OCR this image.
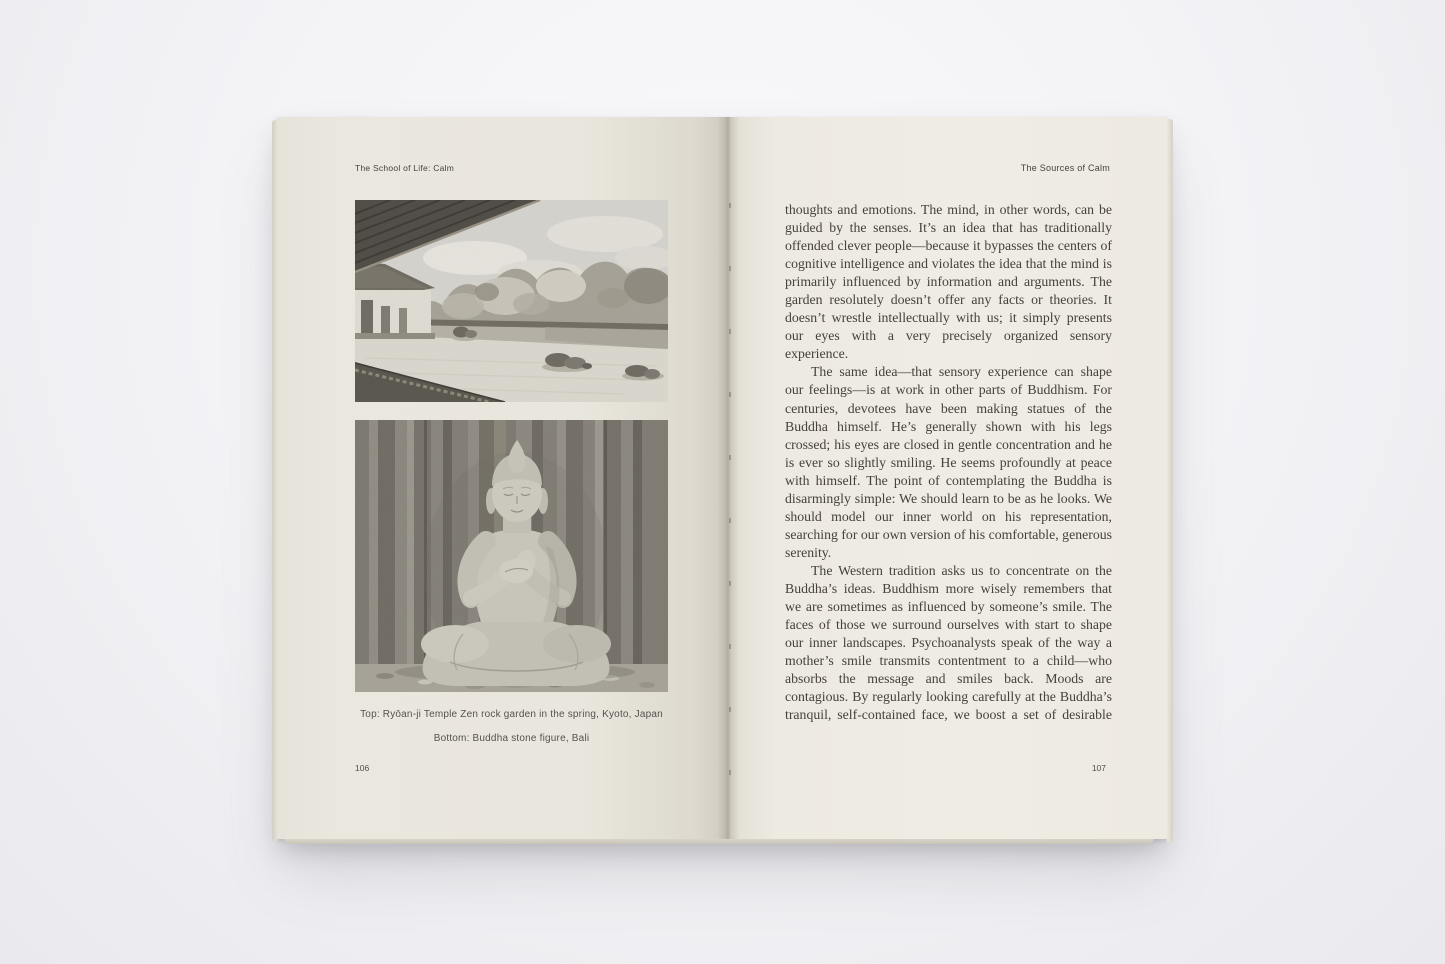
The School of Life: Calm
Top: Ryōan-ji Temple Zen rock garden in the spring, Kyoto, Japan
Bottom: Buddha stone figure, Bali
106
The Sources of Calm

thoughts and emotions. The mind, in other words, can be guided by the senses. It’s an idea that has traditionally offended clever people—because it bypasses the centers of cognitive intelligence and violates the idea that the mind is primarily influenced by information and arguments. The garden resolutely doesn’t offer any facts or theories. It doesn’t wrestle intellectually with us; it simply presents our eyes with a very precisely organized sensory experience.

The same idea—that sensory experience can shape our feelings—is at work in other parts of Buddhism. For centuries, devotees have been making statues of the Buddha himself. He’s generally shown with his legs crossed; his eyes are closed in gentle concentration and he is ever so slightly smiling. He seems profoundly at peace with himself. The point of contemplating the Buddha is disarmingly simple: We should learn to be as he looks. We should model our inner world on his representation, searching for our own version of his comfortable, generous serenity.

The Western tradition asks us to concentrate on the Buddha’s ideas. Buddhism more wisely remembers that we are sometimes as influenced by someone’s smile. The faces of those we surround ourselves with start to shape our inner landscapes. Psychoanalysts speak of the way a mother’s smile transmits contentment to a child—who absorbs the message and smiles back. Moods are contagious. By regularly looking carefully at the Buddha’s tranquil, self-contained face, we boost a set of desirable

107
